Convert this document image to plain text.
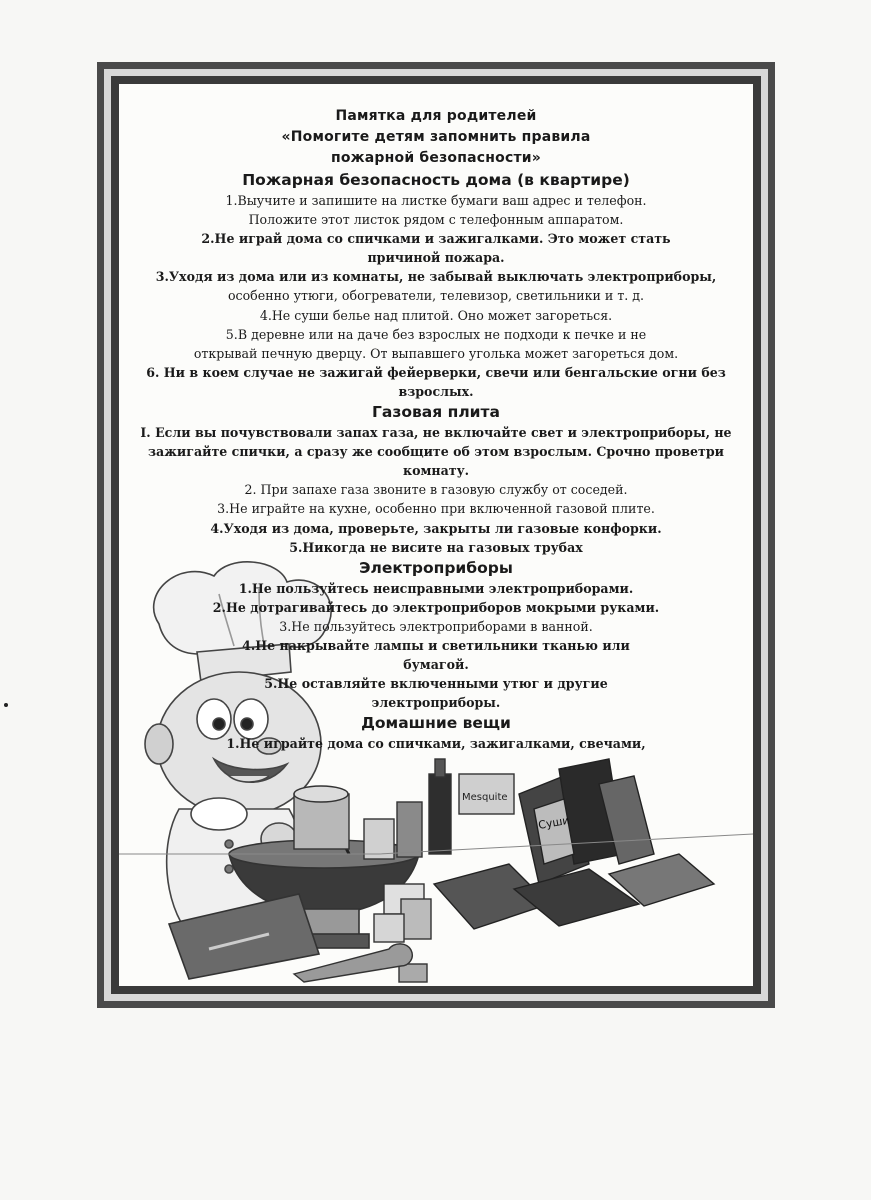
Mesquite
Суши
Памятка для родителей
«Помогите детям запомнить правила
пожарной безопасности»
Пожарная безопасность дома (в квартире)
1.Выучите и запишите на листке бумаги ваш адрес и телефон.
Положите этот листок рядом с телефонным аппаратом.
2.Не играй дома со спичками и зажигалками. Это может стать
причиной пожара.
3.Уходя из дома или из комнаты, не забывай выключать электроприборы,
особенно утюги, обогреватели, телевизор, светильники и т. д.
4.Не суши белье над плитой. Оно может загореться.
5.В деревне или на даче без взрослых не подходи к печке и не
открывай печную дверцу. От выпавшего уголька может загореться дом.
6. Ни в коем случае не зажигай фейерверки, свечи или бенгальские огни без
взрослых.
Газовая плита
I. Если вы почувствовали запах газа, не включайте свет и электроприборы, не
зажигайте спички, а сразу же сообщите об этом взрослым. Срочно проветри
комнату.
2. При запахе газа звоните в газовую службу от соседей.
3.Не играйте на кухне, особенно при включенной газовой плите.
4.Уходя из дома, проверьте, закрыты ли газовые конфорки.
5.Никогда не висите на газовых трубах
Электроприборы
1.Не пользуйтесь неисправными электроприборами.
2.Не дотрагивайтесь до электроприборов мокрыми руками.
3.Не пользуйтесь электроприборами в ванной.
4.Не накрывайте лампы и светильники тканью или
бумагой.
5.Не оставляйте включенными утюг и другие
электроприборы.
Домашние вещи
1.Не играйте дома со спичками, зажигалками, свечами,
